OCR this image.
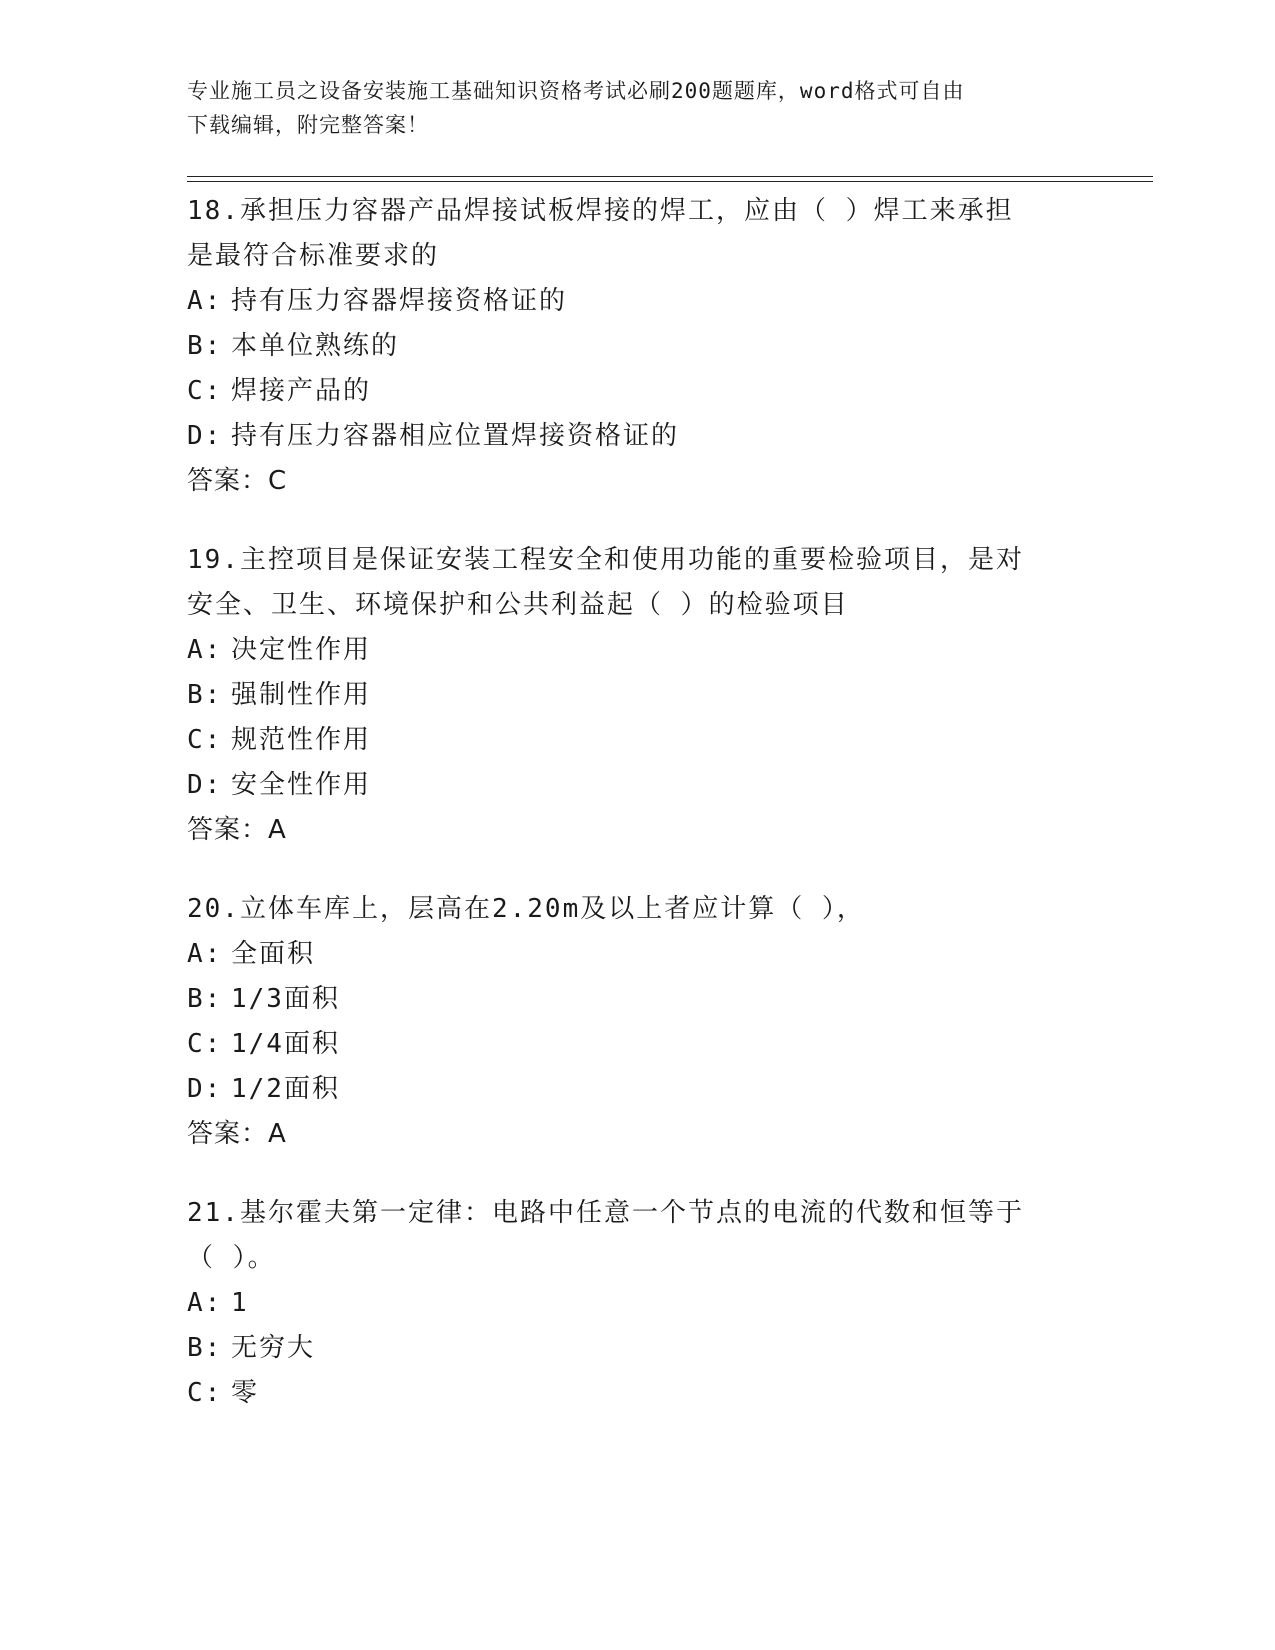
专业施工员之设备安装施工基础知识资格考试必刷200题题库，word格式可自由
下载编辑，附完整答案！

18.承担压力容器产品焊接试板焊接的焊工，应由（ ）焊工来承担是最符合标准要求的

A: 持有压力容器焊接资格证的

B: 本单位熟练的

C: 焊接产品的

D: 持有压力容器相应位置焊接资格证的

答案：C

19.主控项目是保证安装工程安全和使用功能的重要检验项目，是对安全、卫生、环境保护和公共利益起（ ）的检验项目

A: 决定性作用

B: 强制性作用

C: 规范性作用

D: 安全性作用

答案：A

20.立体车库上，层高在2.20m及以上者应计算（ ），

A: 全面积

B: 1/3面积

C: 1/4面积

D: 1/2面积

答案：A

21.基尔霍夫第一定律：电路中任意一个节点的电流的代数和恒等于（ ）。

A: 1

B: 无穷大

C: 零
